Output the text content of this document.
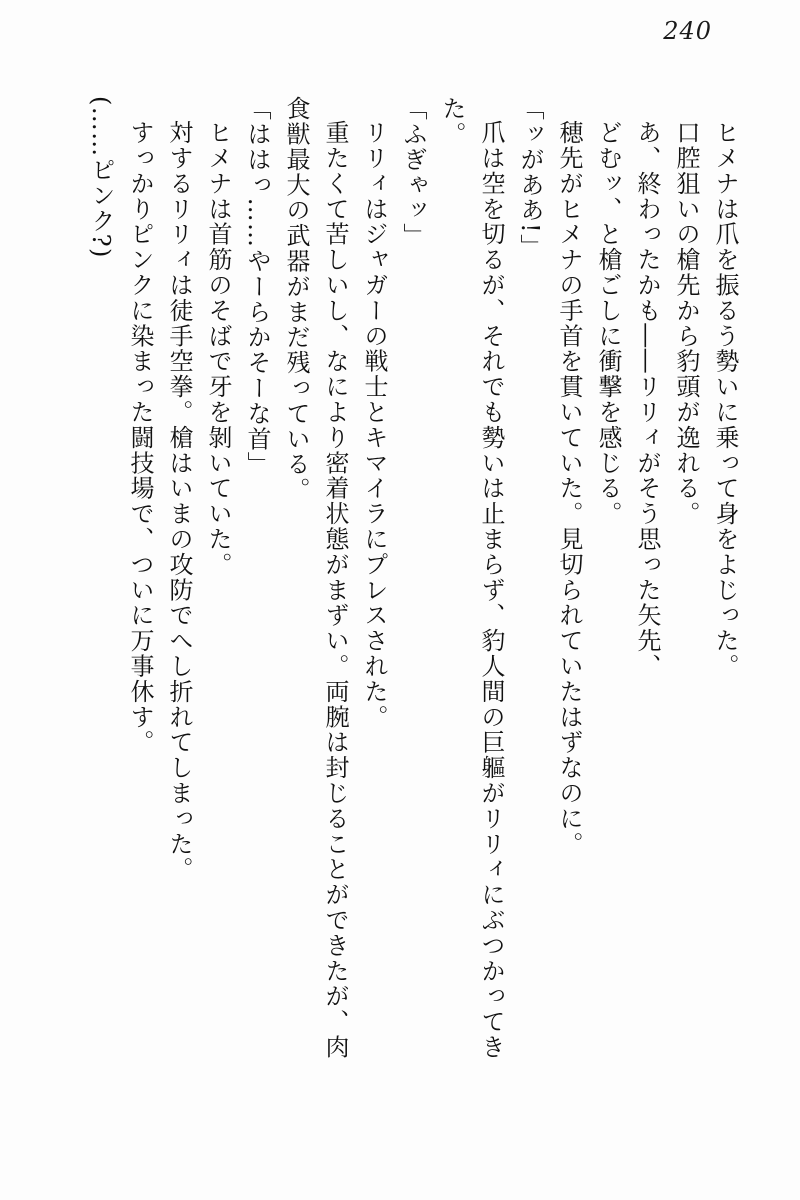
240

ヒメナは爪を振るう勢いに乗って身をよじった。

口腔狙いの槍先から豹頭が逸れる。

あ、終わったかも――リリィがそう思った矢先、

どむッ、と槍ごしに衝撃を感じる。

穂先がヒメナの手首を貫いていた。見切られていたはずなのに。

「ッがああ!」

爪は空を切るが、それでも勢いは止まらず、豹人間の巨軀がリリィにぶつかってきた。

「ふぎゃッ」

リリィはジャガーの戦士とキマイラにプレスされた。

重たくて苦しいし、なにより密着状態がまずい。両腕は封じることができたが、肉食獣最大の武器がまだ残っている。

「ははっ……やーらかそーな首」

ヒメナは首筋のそばで牙を剝いていた。

対するリリィは徒手空拳。槍はいまの攻防でへし折れてしまった。

すっかりピンクに染まった闘技場で、ついに万事休す。

(……ピンク?)
